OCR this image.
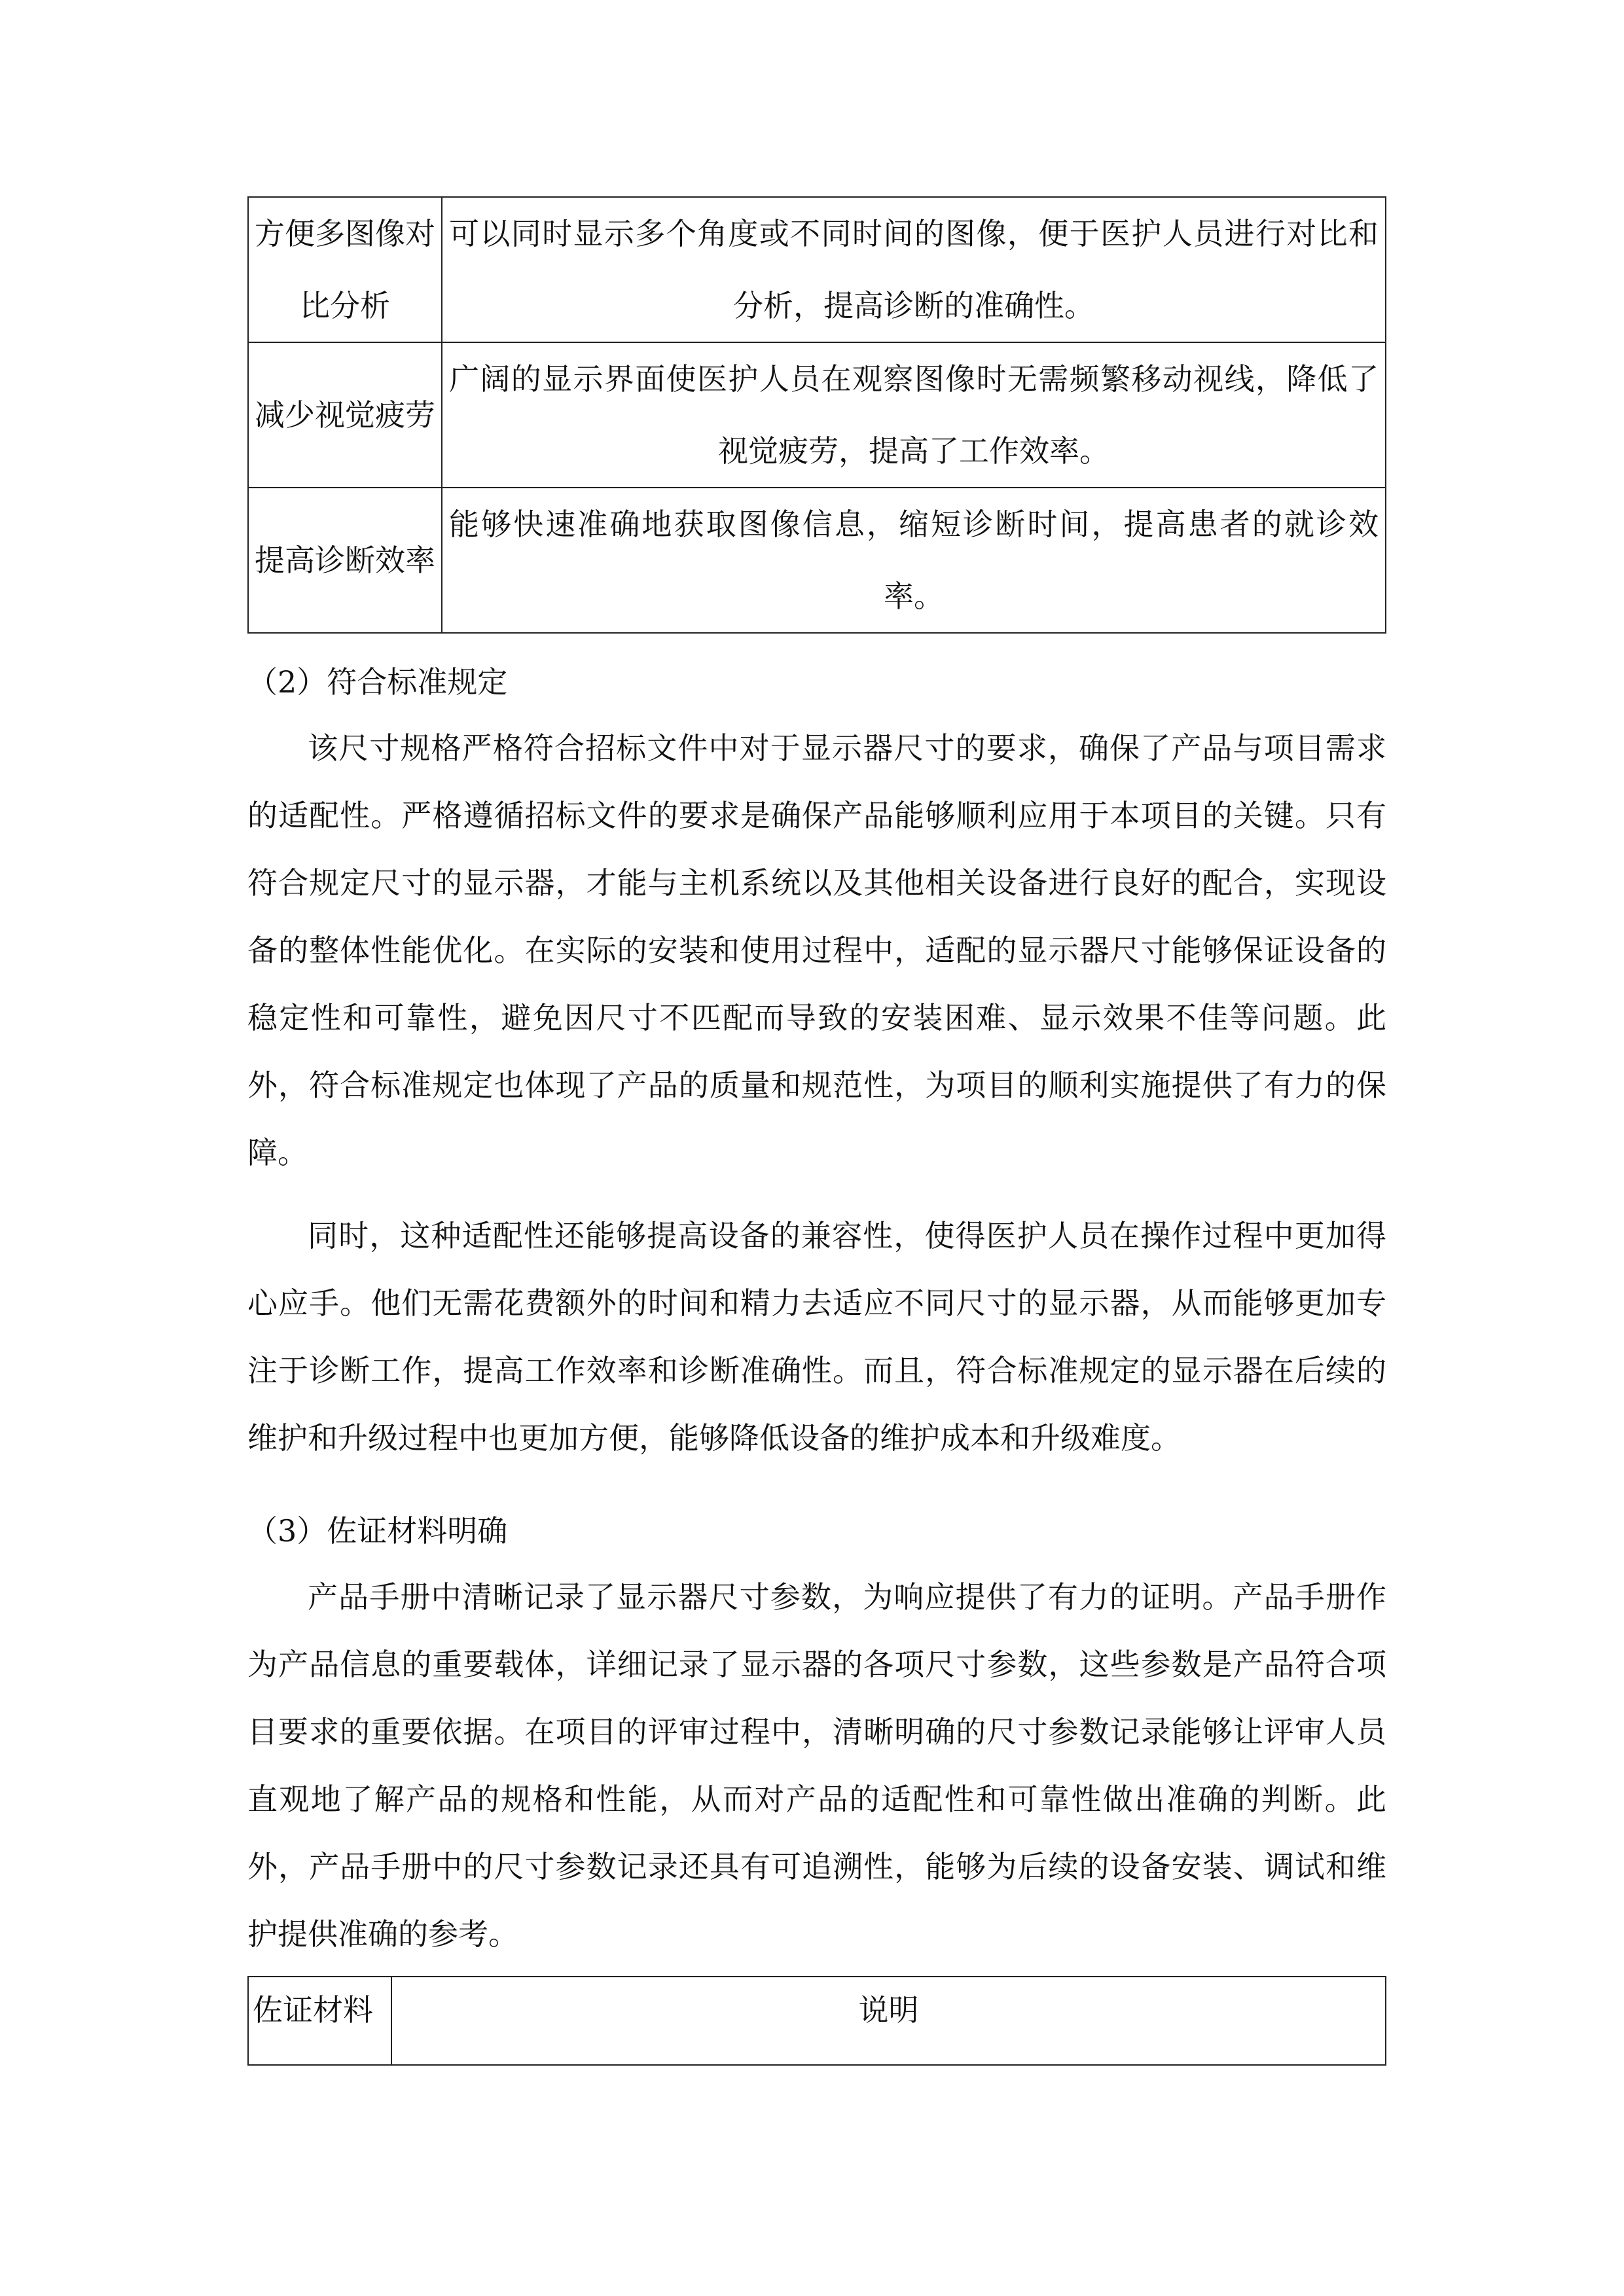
方便多图像对比分析	可以同时显示多个角度或不同时间的图像，便于医护人员进行对比和分析，提高诊断的准确性。
减少视觉疲劳	广阔的显示界面使医护人员在观察图像时无需频繁移动视线，降低了视觉疲劳，提高了工作效率。
提高诊断效率	能够快速准确地获取图像信息，缩短诊断时间，提高患者的就诊效率。

（2）符合标准规定

该尺寸规格严格符合招标文件中对于显示器尺寸的要求，确保了产品与项目需求的适配性。严格遵循招标文件的要求是确保产品能够顺利应用于本项目的关键。只有符合规定尺寸的显示器，才能与主机系统以及其他相关设备进行良好的配合，实现设备的整体性能优化。在实际的安装和使用过程中，适配的显示器尺寸能够保证设备的稳定性和可靠性，避免因尺寸不匹配而导致的安装困难、显示效果不佳等问题。此外，符合标准规定也体现了产品的质量和规范性，为项目的顺利实施提供了有力的保障。

同时，这种适配性还能够提高设备的兼容性，使得医护人员在操作过程中更加得心应手。他们无需花费额外的时间和精力去适应不同尺寸的显示器，从而能够更加专注于诊断工作，提高工作效率和诊断准确性。而且，符合标准规定的显示器在后续的维护和升级过程中也更加方便，能够降低设备的维护成本和升级难度。

（3）佐证材料明确

产品手册中清晰记录了显示器尺寸参数，为响应提供了有力的证明。产品手册作为产品信息的重要载体，详细记录了显示器的各项尺寸参数，这些参数是产品符合项目要求的重要依据。在项目的评审过程中，清晰明确的尺寸参数记录能够让评审人员直观地了解产品的规格和性能，从而对产品的适配性和可靠性做出准确的判断。此外，产品手册中的尺寸参数记录还具有可追溯性，能够为后续的设备安装、调试和维护提供准确的参考。

佐证材料	说明
